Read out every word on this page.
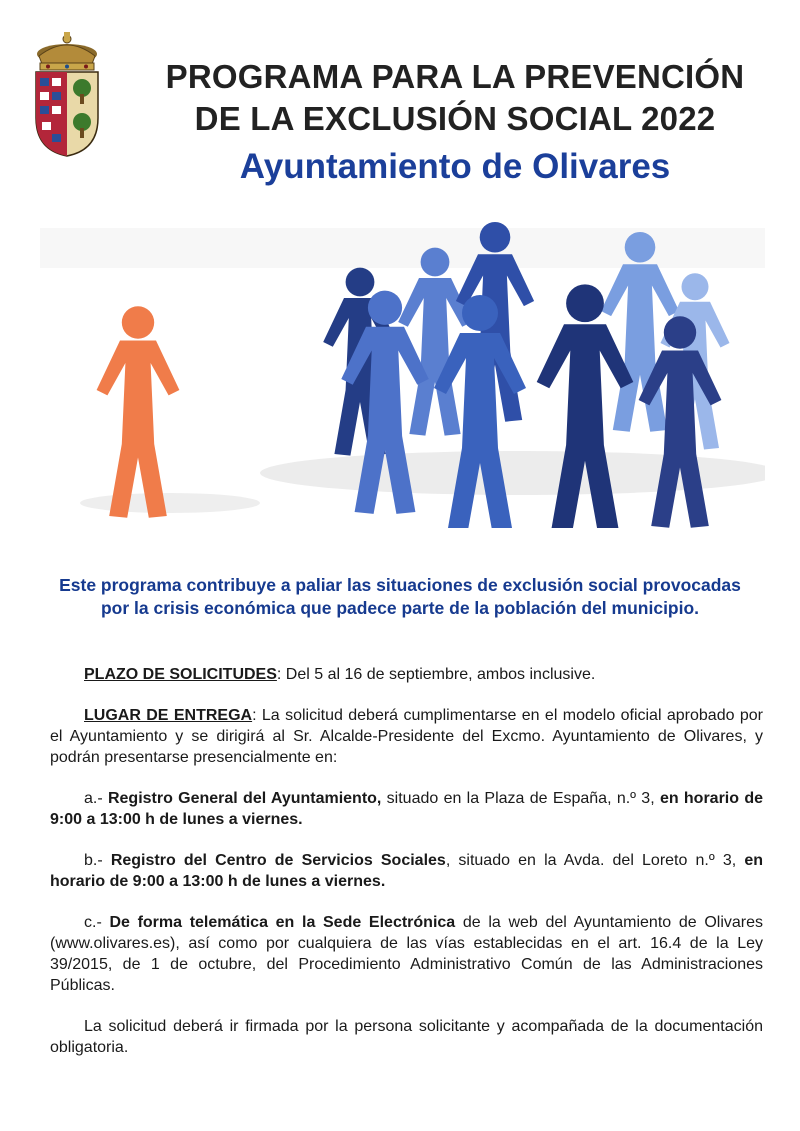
PROGRAMA PARA LA PREVENCIÓN
DE LA EXCLUSIÓN SOCIAL 2022
Ayuntamiento de Olivares
Este programa contribuye a paliar las situaciones de exclusión social provocadas
por la crisis económica que padece parte de la población del municipio.

PLAZO DE SOLICITUDES: Del 5 al 16 de septiembre, ambos inclusive.

LUGAR DE ENTREGA: La solicitud deberá cumplimentarse en el modelo oficial aprobado por el Ayuntamiento y se dirigirá al Sr. Alcalde-Presidente del Excmo. Ayuntamiento de Olivares, y podrán presentarse presencialmente en:

a.- Registro General del Ayuntamiento, situado en la Plaza de España, n.º 3, en horario de 9:00 a 13:00 h de lunes a viernes.

b.- Registro del Centro de Servicios Sociales, situado en la Avda. del Loreto n.º 3, en horario de 9:00 a 13:00 h de lunes a viernes.

c.- De forma telemática en la Sede Electrónica de la web del Ayuntamiento de Olivares (www.olivares.es), así como por cualquiera de las vías establecidas en el art. 16.4 de la Ley 39/2015, de 1 de octubre, del Procedimiento Administrativo Común de las Administraciones Públicas.

La solicitud deberá ir firmada por la persona solicitante y acompañada de la documentación obligatoria.
